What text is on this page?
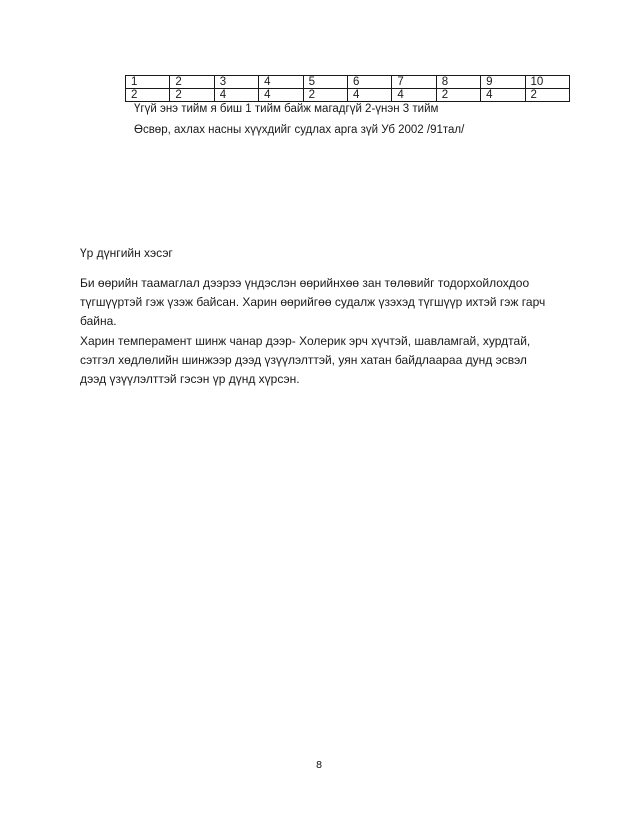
1	2	3	4	5	6	7	8	9	10
2	2	4	4	2	4	4	2	4	2
Үгүй энэ тийм я биш 1 тийм байж магадгүй 2-үнэн 3 тийм
Өсвөр, ахлах насны хүүхдийг судлах арга зүй Уб 2002 /91тал/
Үр дүнгийн хэсэг

Би өөрийн таамаглал дээрээ үндэслэн өөрийнхөө зан төлөвийг тодорхойлохдоо
түгшүүртэй гэж үзэж байсан. Харин өөрийгөө судалж үзэхэд түгшүүр ихтэй гэж гарч
байна.

Харин темперамент шинж чанар дээр- Холерик эрч хүчтэй, шавламгай, хурдтай,
сэтгэл хөдлөлийн шинжээр дээд үзүүлэлттэй, уян хатан байдлаараа дунд эсвэл
дээд үзүүлэлттэй гэсэн үр дүнд хүрсэн.

8
